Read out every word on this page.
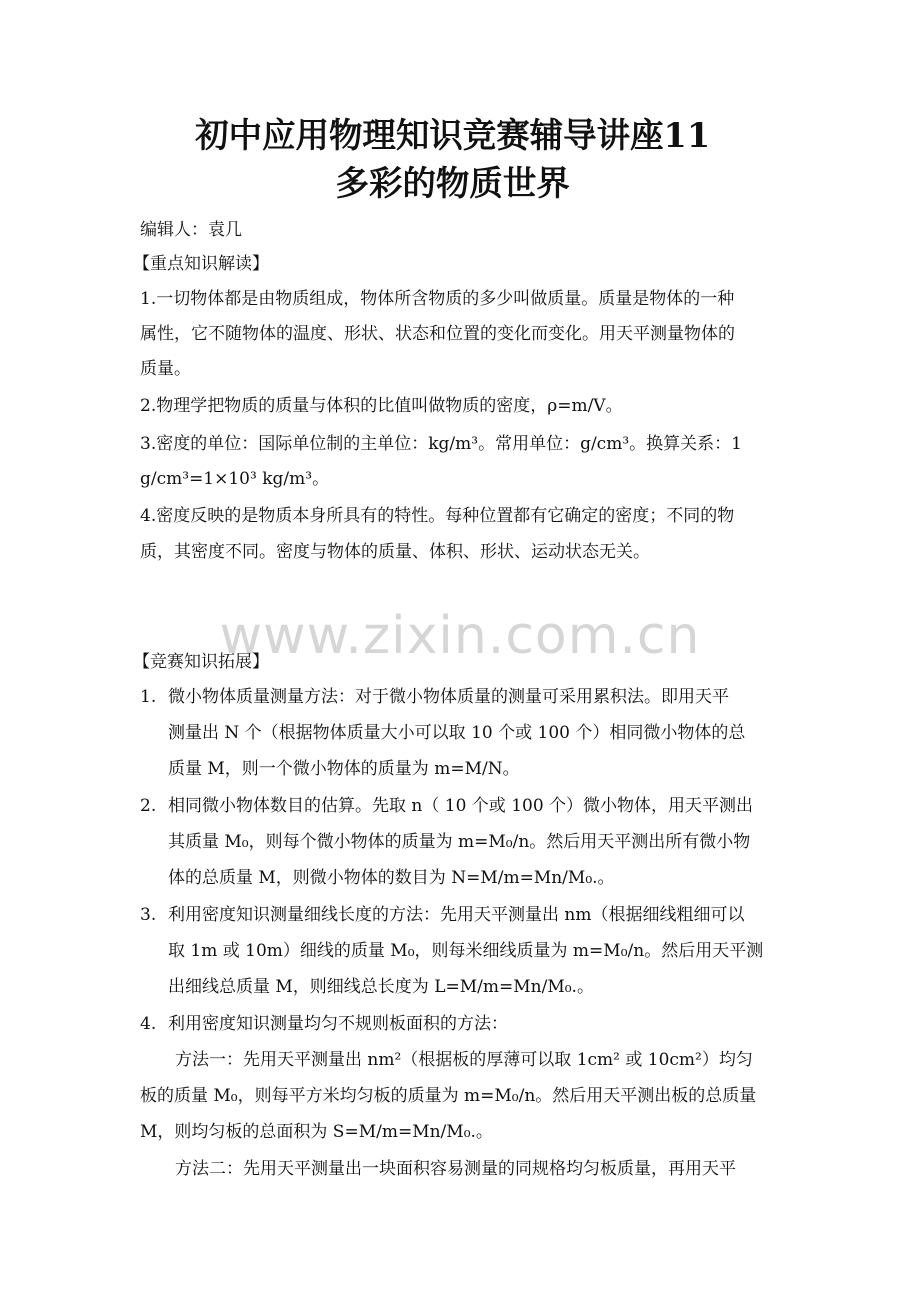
初中应用物理知识竞赛辅导讲座11
多彩的物质世界
编辑人：袁几
【重点知识解读】
1.一切物体都是由物质组成，物体所含物质的多少叫做质量。质量是物体的一种
属性，它不随物体的温度、形状、状态和位置的变化而变化。用天平测量物体的
质量。
2.物理学把物质的质量与体积的比值叫做物质的密度，ρ=m/V。
3.密度的单位：国际单位制的主单位：kg/m³。常用单位：g/cm³。换算关系：1
g/cm³=1×10³ kg/m³。
4.密度反映的是物质本身所具有的特性。每种位置都有它确定的密度；不同的物
质，其密度不同。密度与物体的质量、体积、形状、运动状态无关。
www.zixin.com.cn
【竞赛知识拓展】
1. 微小物体质量测量方法：对于微小物体质量的测量可采用累积法。即用天平
测量出 N 个（根据物体质量大小可以取 10 个或 100 个）相同微小物体的总
质量 M，则一个微小物体的质量为 m=M/N。
2. 相同微小物体数目的估算。先取 n（ 10 个或 100 个）微小物体，用天平测出
其质量 M₀，则每个微小物体的质量为 m=M₀/n。然后用天平测出所有微小物
体的总质量 M，则微小物体的数目为 N=M/m=Mn/M₀.。
3. 利用密度知识测量细线长度的方法：先用天平测量出 nm（根据细线粗细可以
取 1m 或 10m）细线的质量 M₀，则每米细线质量为 m=M₀/n。然后用天平测
出细线总质量 M，则细线总长度为 L=M/m=Mn/M₀.。
4. 利用密度知识测量均匀不规则板面积的方法：
方法一：先用天平测量出 nm²（根据板的厚薄可以取 1cm² 或 10cm²）均匀
板的质量 M₀，则每平方米均匀板的质量为 m=M₀/n。然后用天平测出板的总质量
M，则均匀板的总面积为 S=M/m=Mn/M₀.。
方法二：先用天平测量出一块面积容易测量的同规格均匀板质量，再用天平
